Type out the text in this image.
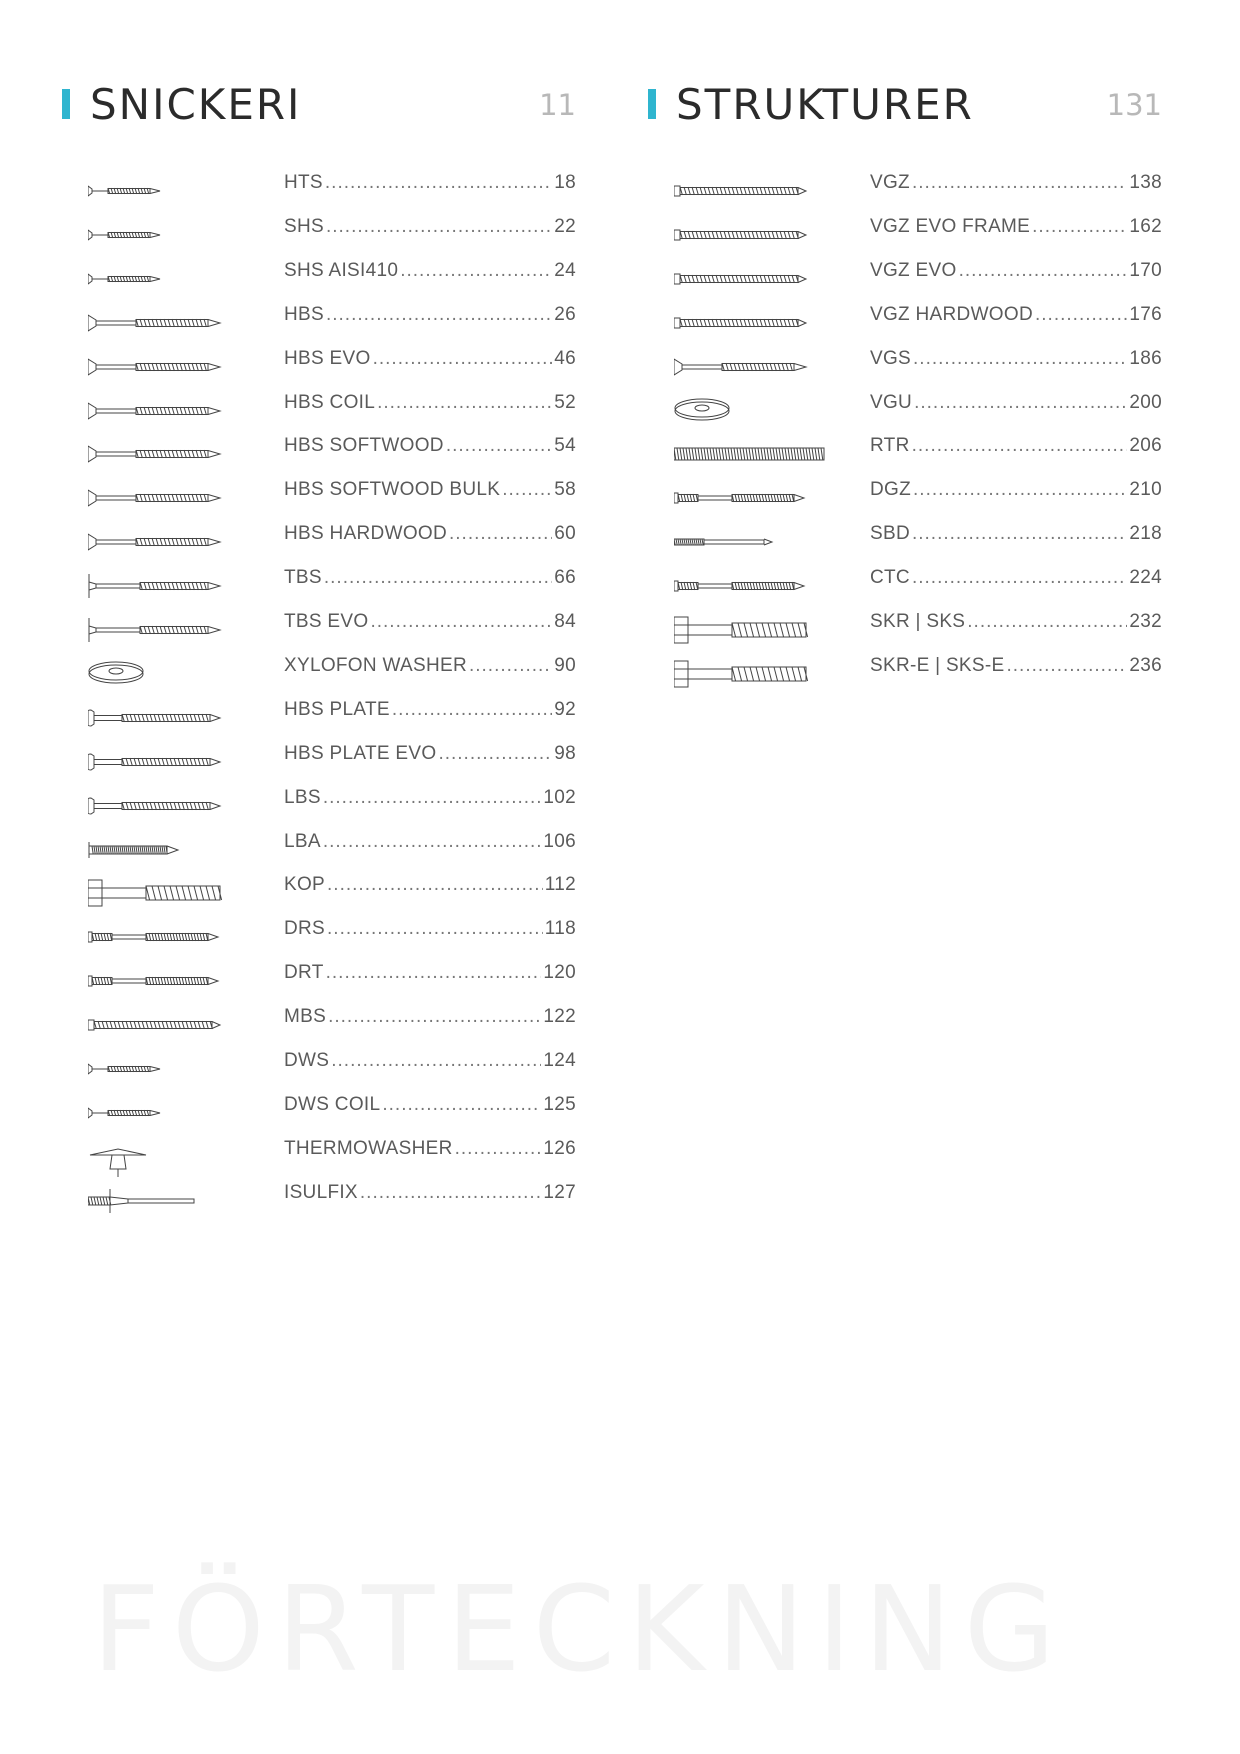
SNICKERI	11
HTS .....	18
SHS .....	22
SHS AISI410 .....	24
HBS .....	26
HBS EVO .....	46
HBS COIL .....	52
HBS SOFTWOOD .....	54
HBS SOFTWOOD BULK .....	58
HBS HARDWOOD .....	60
TBS .....	66
TBS EVO .....	84
XYLOFON WASHER .....	90
HBS PLATE .....	92
HBS PLATE EVO .....	98
LBS .....	102
LBA .....	106
KOP .....	112
DRS .....	118
DRT .....	120
MBS .....	122
DWS .....	124
DWS COIL .....	125
THERMOWASHER .....	126
ISULFIX .....	127
STRUKTURER	131
VGZ .....	138
VGZ EVO FRAME .....	162
VGZ EVO .....	170
VGZ HARDWOOD .....	176
VGS .....	186
VGU .....	200
RTR .....	206
DGZ .....	210
SBD .....	218
CTC .....	224
SKR | SKS .....	232
SKR-E | SKS-E .....	236
FÖRTECKNING
